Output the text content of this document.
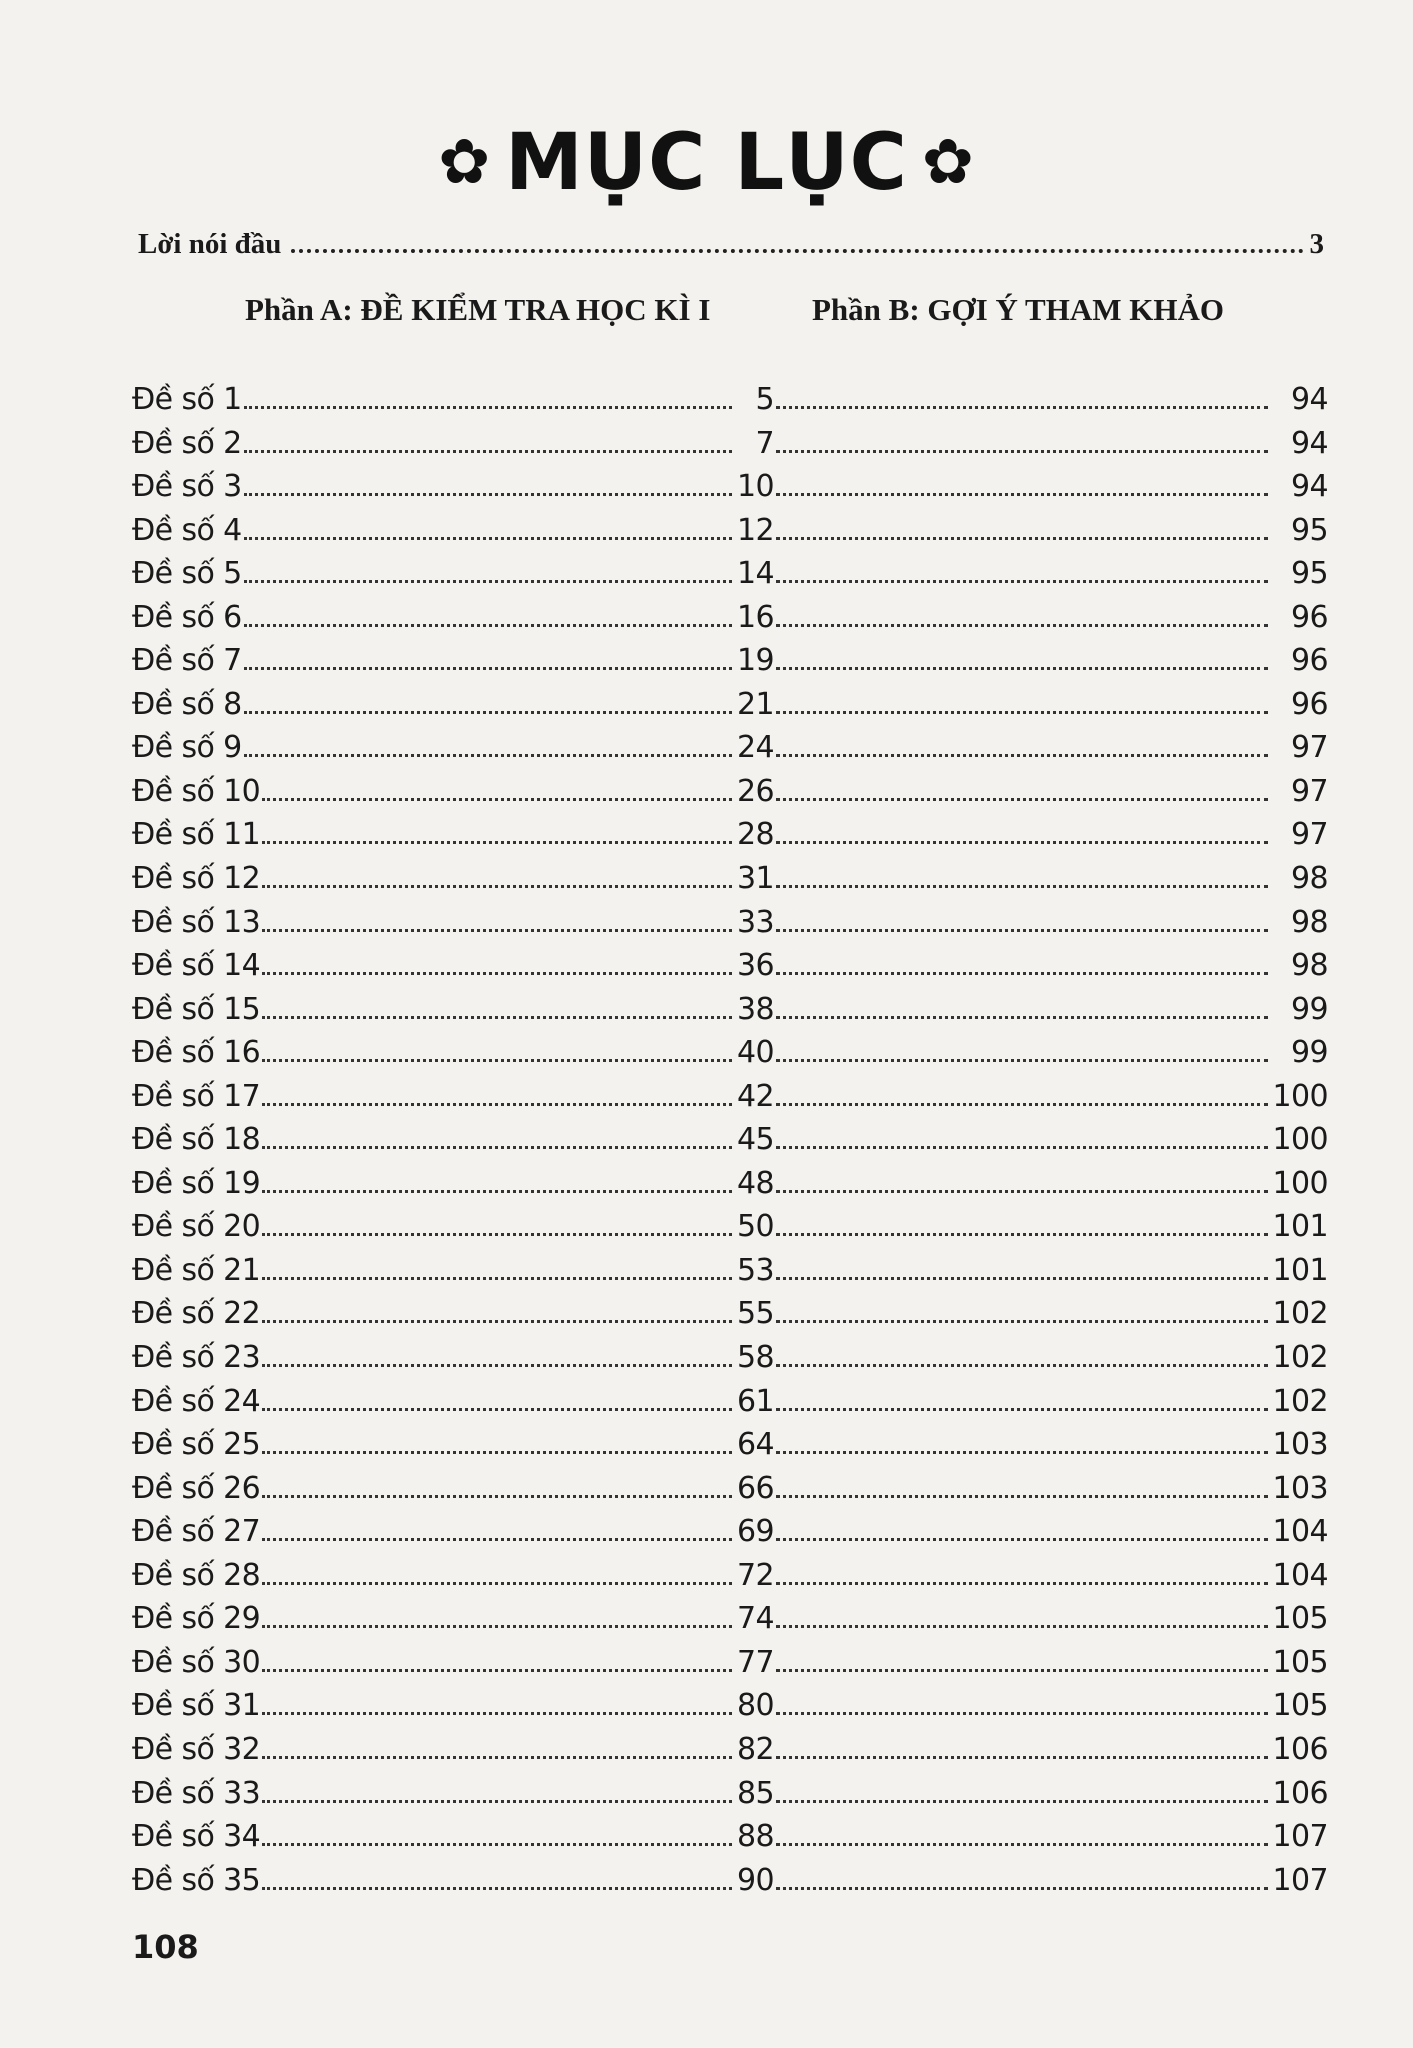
✿ MỤC LỤC ✿
Lời nói đầu	3
Phần A: ĐỀ KIỂM TRA HỌC KÌ I	Phần B: GỢI Ý THAM KHẢO
Đề số 1	5	94
Đề số 2	7	94
Đề số 3	10	94
Đề số 4	12	95
Đề số 5	14	95
Đề số 6	16	96
Đề số 7	19	96
Đề số 8	21	96
Đề số 9	24	97
Đề số 10	26	97
Đề số 11	28	97
Đề số 12	31	98
Đề số 13	33	98
Đề số 14	36	98
Đề số 15	38	99
Đề số 16	40	99
Đề số 17	42	100
Đề số 18	45	100
Đề số 19	48	100
Đề số 20	50	101
Đề số 21	53	101
Đề số 22	55	102
Đề số 23	58	102
Đề số 24	61	102
Đề số 25	64	103
Đề số 26	66	103
Đề số 27	69	104
Đề số 28	72	104
Đề số 29	74	105
Đề số 30	77	105
Đề số 31	80	105
Đề số 32	82	106
Đề số 33	85	106
Đề số 34	88	107
Đề số 35	90	107
108
